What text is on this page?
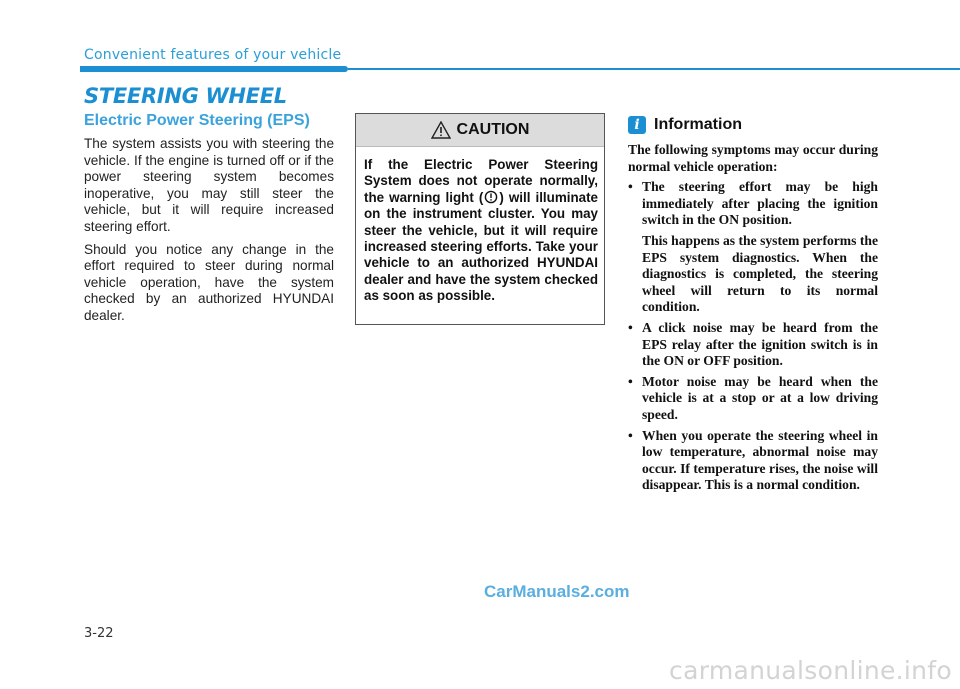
Convenient features of your vehicle
STEERING WHEEL
Electric Power Steering (EPS)

The system assists you with steering the vehicle. If the engine is turned off or if the power steering system becomes inoperative, you may still steer the vehicle, but it will require increased steering effort.

Should you notice any change in the effort required to steer during normal vehicle operation, have the system checked by an authorized HYUNDAI dealer.

CAUTION
If the Electric Power Steering System does not operate normally, the warning light ( ) will illuminate on the instrument cluster. You may steer the vehicle, but it will require increased steering efforts. Take your vehicle to an authorized HYUNDAI dealer and have the system checked as soon as possible.
i Information

The following symptoms may occur during normal vehicle operation:

• The steering effort may be high immediately after placing the ignition switch in the ON position.
This happens as the system performs the EPS system diagnostics. When the diagnostics is completed, the steering wheel will return to its normal condition.
• A click noise may be heard from the EPS relay after the ignition switch is in the ON or OFF position.
• Motor noise may be heard when the vehicle is at a stop or at a low driving speed.
• When you operate the steering wheel in low temperature, abnormal noise may occur. If temperature rises, the noise will disappear. This is a normal condition.
CarManuals2.com
3-22
carmanualsonline.info
